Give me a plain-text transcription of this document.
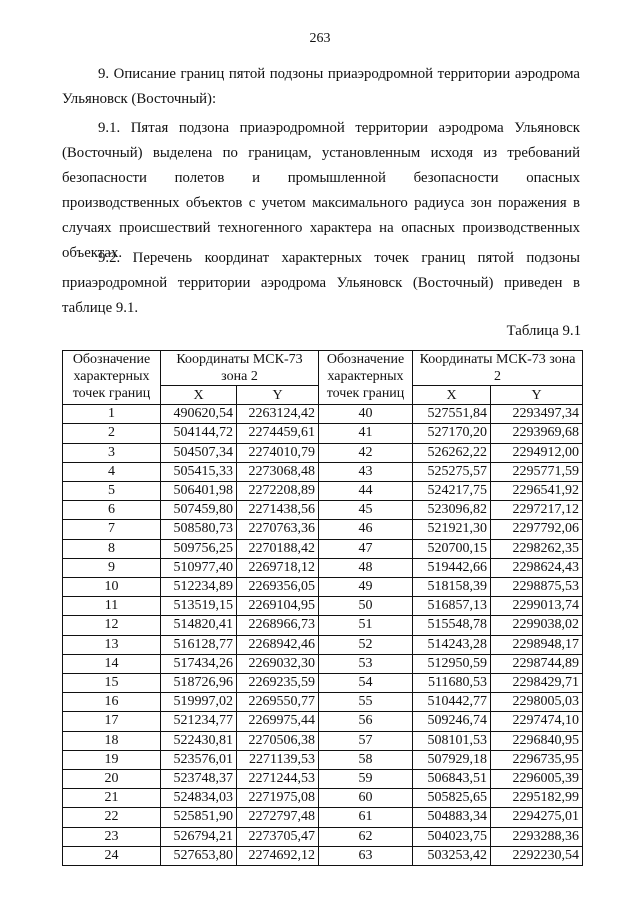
263

9. Описание границ пятой подзоны приаэродромной территории аэродрома Ульяновск (Восточный):

9.1. Пятая подзона приаэродромной территории аэродрома Ульяновск (Восточный) выделена по границам, установленным исходя из требований безопасности полетов и промышленной безопасности опасных производственных объектов с учетом максимального радиуса зон поражения в случаях происшествий техногенного характера на опасных производственных объектах.

9.2. Перечень координат характерных точек границ пятой подзоны приаэродромной территории аэродрома Ульяновск (Восточный) приведен в таблице 9.1.

Таблица 9.1
Обозначение характерных точек границ	Координаты МСК-73 зона 2		Обозначение характерных точек границ	Координаты МСК-73 зона 2	
	X	Y		X	Y
1	490620,54	2263124,42	40	527551,84	2293497,34
2	504144,72	2274459,61	41	527170,20	2293969,68
3	504507,34	2274010,79	42	526262,22	2294912,00
4	505415,33	2273068,48	43	525275,57	2295771,59
5	506401,98	2272208,89	44	524217,75	2296541,92
6	507459,80	2271438,56	45	523096,82	2297217,12
7	508580,73	2270763,36	46	521921,30	2297792,06
8	509756,25	2270188,42	47	520700,15	2298262,35
9	510977,40	2269718,12	48	519442,66	2298624,43
10	512234,89	2269356,05	49	518158,39	2298875,53
11	513519,15	2269104,95	50	516857,13	2299013,74
12	514820,41	2268966,73	51	515548,78	2299038,02
13	516128,77	2268942,46	52	514243,28	2298948,17
14	517434,26	2269032,30	53	512950,59	2298744,89
15	518726,96	2269235,59	54	511680,53	2298429,71
16	519997,02	2269550,77	55	510442,77	2298005,03
17	521234,77	2269975,44	56	509246,74	2297474,10
18	522430,81	2270506,38	57	508101,53	2296840,95
19	523576,01	2271139,53	58	507929,18	2296735,95
20	523748,37	2271244,53	59	506843,51	2296005,39
21	524834,03	2271975,08	60	505825,65	2295182,99
22	525851,90	2272797,48	61	504883,34	2294275,01
23	526794,21	2273705,47	62	504023,75	2293288,36
24	527653,80	2274692,12	63	503253,42	2292230,54
